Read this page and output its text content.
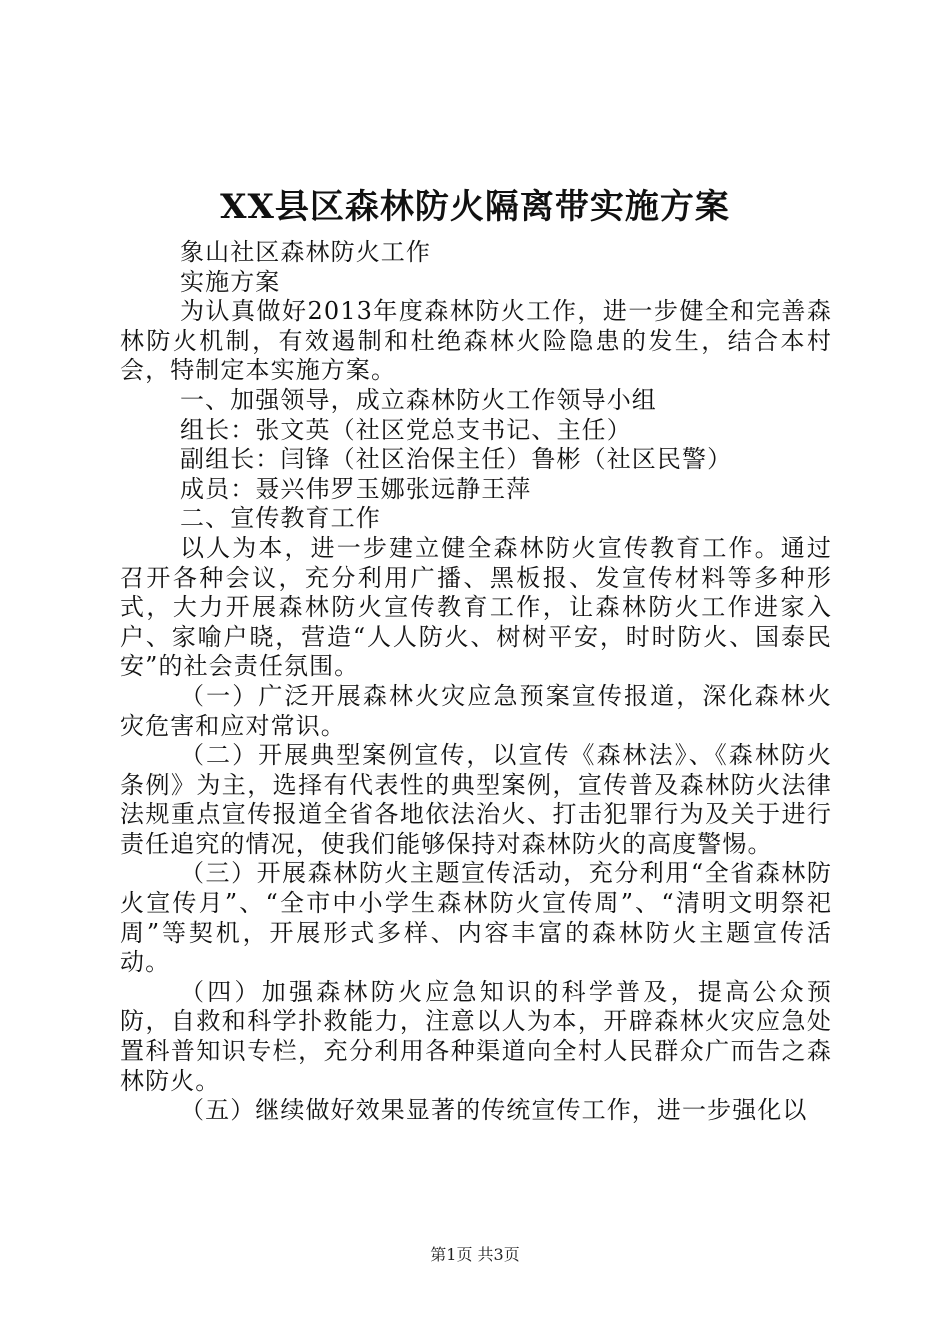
XX县区森林防火隔离带实施方案

象山社区森林防火工作

实施方案

为认真做好2013年度森林防火工作，进一步健全和完善森林防火机制，有效遏制和杜绝森林火险隐患的发生，结合本村会，特制定本实施方案。

一、加强领导，成立森林防火工作领导小组

组长：张文英（社区党总支书记、主任）

副组长：闫锋（社区治保主任）鲁彬（社区民警）

成员：聂兴伟罗玉娜张远静王萍

二、宣传教育工作

以人为本，进一步建立健全森林防火宣传教育工作。通过召开各种会议，充分利用广播、黑板报、发宣传材料等多种形式，大力开展森林防火宣传教育工作，让森林防火工作进家入户、家喻户晓，营造“人人防火、树树平安，时时防火、国泰民安”的社会责任氛围。

（一）广泛开展森林火灾应急预案宣传报道，深化森林火灾危害和应对常识。

（二）开展典型案例宣传，以宣传《森林法》、《森林防火条例》为主，选择有代表性的典型案例，宣传普及森林防火法律法规重点宣传报道全省各地依法治火、打击犯罪行为及关于进行责任追究的情况，使我们能够保持对森林防火的高度警惕。

（三）开展森林防火主题宣传活动，充分利用“全省森林防火宣传月”、“全市中小学生森林防火宣传周”、“清明文明祭祀周”等契机，开展形式多样、内容丰富的森林防火主题宣传活动。

（四）加强森林防火应急知识的科学普及，提高公众预防，自救和科学扑救能力，注意以人为本，开辟森林火灾应急处置科普知识专栏，充分利用各种渠道向全村人民群众广而告之森林防火。

（五）继续做好效果显著的传统宣传工作，进一步强化以

第1页 共3页
